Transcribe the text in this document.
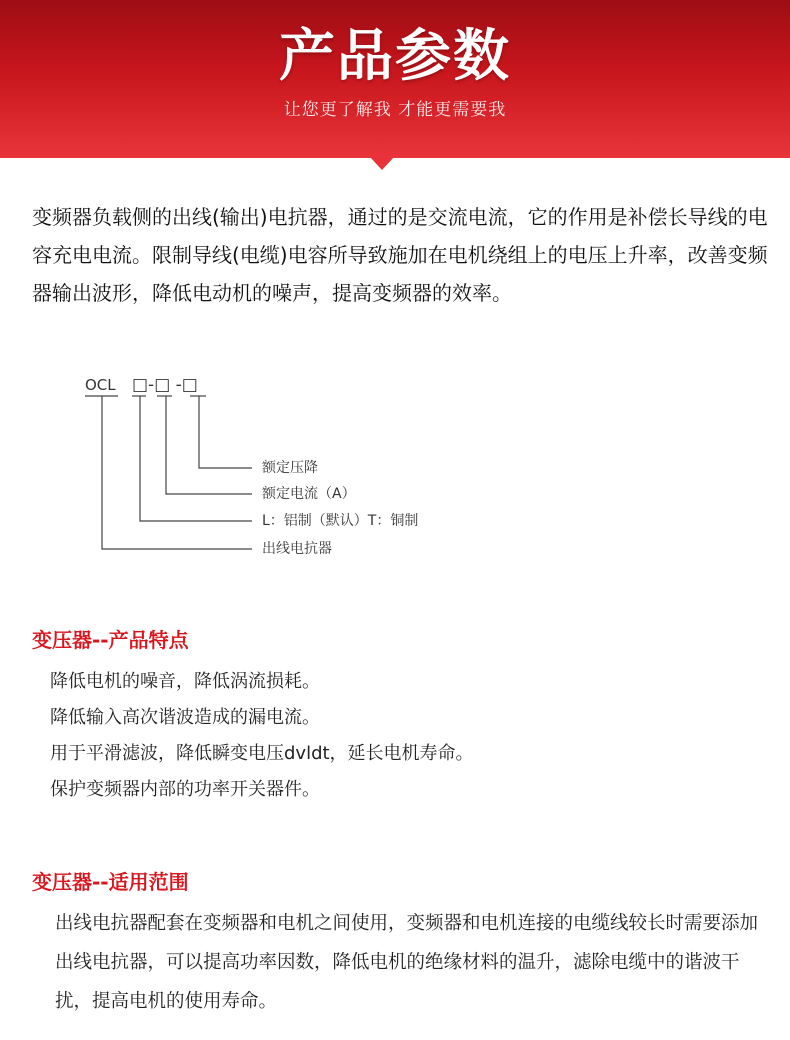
产品参数
让您更了解我 才能更需要我

变频器负载侧的出线(输出)电抗器，通过的是交流电流，它的作用是补偿长导线的电容充电电流。限制导线(电缆)电容所导致施加在电机绕组上的电压上升率，改善变频器输出波形，降低电动机的噪声，提高变频器的效率。

OCL □-□ -□
额定压降
额定电流（A）
L：铝制（默认）T：铜制
出线电抗器
变压器--产品特点
降低电机的噪音，降低涡流损耗。
降低输入高次谐波造成的漏电流。
用于平滑滤波，降低瞬变电压dvldt，延长电机寿命。
保护变频器内部的功率开关器件。
变压器--适用范围

出线电抗器配套在变频器和电机之间使用，变频器和电机连接的电缆线较长时需要添加出线电抗器，可以提高功率因数，降低电机的绝缘材料的温升，滤除电缆中的谐波干扰，提高电机的使用寿命。
